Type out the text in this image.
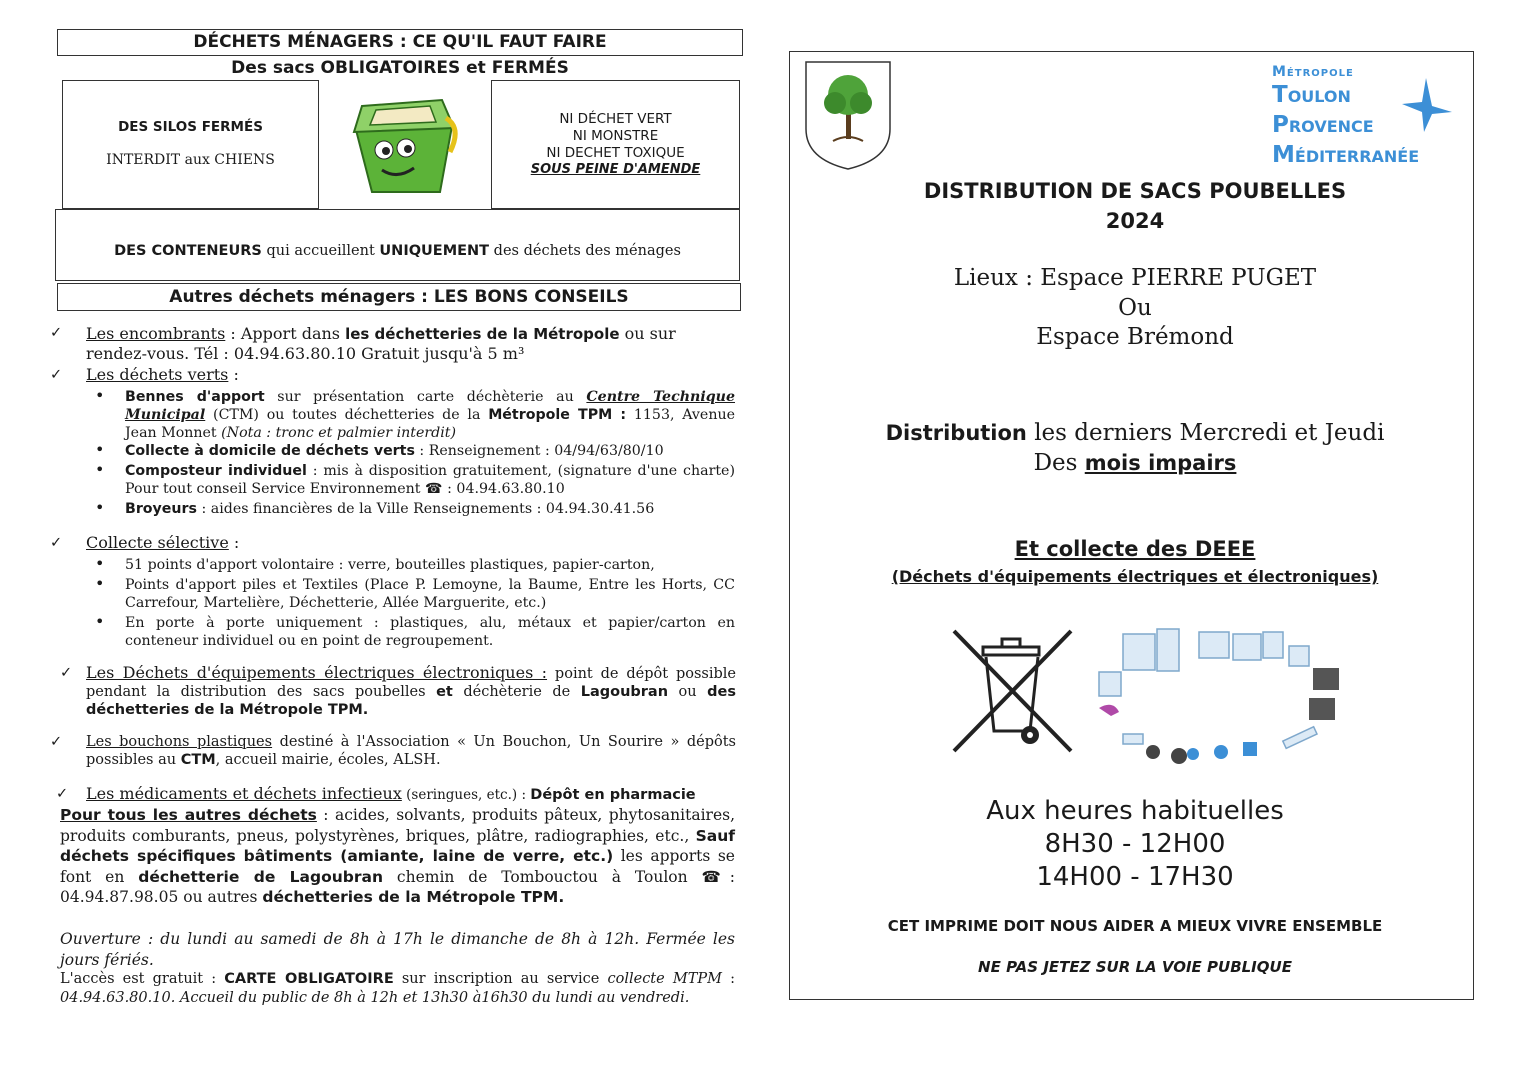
DÉCHETS MÉNAGERS : CE QU'IL FAUT FAIRE
Des sacs OBLIGATOIRES et FERMÉS
DES SILOS FERMÉS
INTERDIT aux CHIENS
NI DÉCHET VERT
NI MONSTRE
NI DECHET TOXIQUE
SOUS PEINE D'AMENDE
DES CONTENEURS qui accueillent UNIQUEMENT des déchets des ménages
Autres déchets ménagers : LES BONS CONSEILS
✓	Les encombrants : Apport dans les déchetteries de la Métropole ou sur
rendez-vous. Tél : 04.94.63.80.10 Gratuit jusqu'à 5 m³
✓	Les déchets verts :

• Bennes d'apport sur présentation carte déchèterie au Centre Technique Municipal (CTM) ou toutes déchetteries de la Métropole TPM : 1153, Avenue Jean Monnet (Nota : tronc et palmier interdit)

• Collecte à domicile de déchets verts : Renseignement : 04/94/63/80/10

• Composteur individuel : mis à disposition gratuitement, (signature d'une charte) Pour tout conseil Service Environnement ☎ : 04.94.63.80.10

• Broyeurs : aides financières de la Ville Renseignements : 04.94.30.41.56

✓	Collecte sélective :

• 51 points d'apport volontaire : verre, bouteilles plastiques, papier-carton,

• Points d'apport piles et Textiles (Place P. Lemoyne, la Baume, Entre les Horts, CC Carrefour, Martelière, Déchetterie, Allée Marguerite, etc.)

• En porte à porte uniquement : plastiques, alu, métaux et papier/carton en conteneur individuel ou en point de regroupement.

✓ Les Déchets d'équipements électriques électroniques : point de dépôt possible pendant la distribution des sacs poubelles et déchèterie de Lagoubran ou des déchetteries de la Métropole TPM.
✓	Les bouchons plastiques destiné à l'Association « Un Bouchon, Un Sourire » dépôts possibles au CTM, accueil mairie, écoles, ALSH.
✓	Les médicaments et déchets infectieux (seringues, etc.) : Dépôt en pharmacie
Pour tous les autres déchets : acides, solvants, produits pâteux, phytosanitaires, produits comburants, pneus, polystyrènes, briques, plâtre, radiographies, etc., Sauf déchets spécifiques bâtiments (amiante, laine de verre, etc.) les apports se font en déchetterie de Lagoubran chemin de Tombouctou à Toulon ☎: 04.94.87.98.05 ou autres déchetteries de la Métropole TPM.
Ouverture : du lundi au samedi de 8h à 17h le dimanche de 8h à 12h. Fermée les jours fériés.
L'accès est gratuit : CARTE OBLIGATOIRE sur inscription au service collecte MTPM : 04.94.63.80.10. Accueil du public de 8h à 12h et 13h30 à16h30 du lundi au vendredi.
Métropole
Toulon
Provence
Méditerranée
DISTRIBUTION DE SACS POUBELLES
2024
Lieux : Espace PIERRE PUGET
Ou
Espace Brémond
Distribution les derniers Mercredi et Jeudi
Des mois impairs
Et collecte des DEEE
(Déchets d'équipements électriques et électroniques)
Aux heures habituelles
8H30 - 12H00
14H00 - 17H30
CET IMPRIME DOIT NOUS AIDER A MIEUX VIVRE ENSEMBLE
NE PAS JETEZ SUR LA VOIE PUBLIQUE
